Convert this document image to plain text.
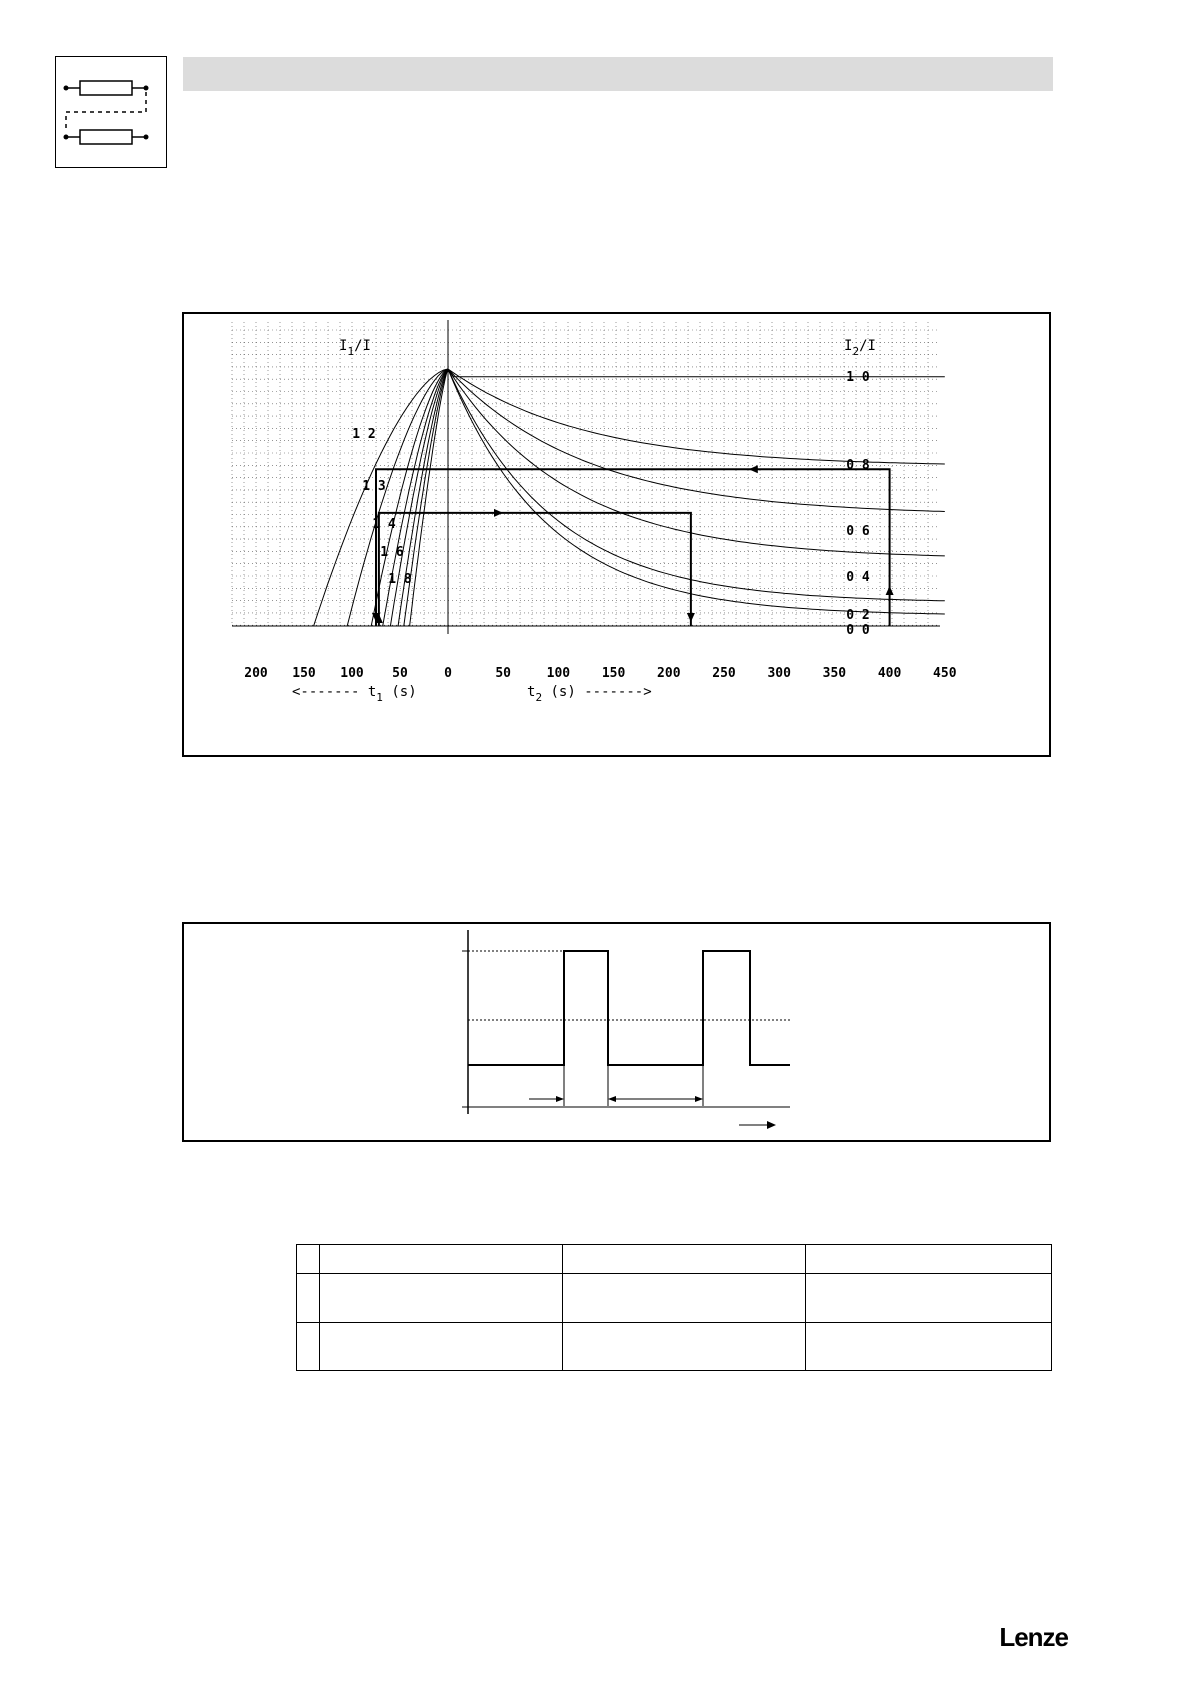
$I_1/I$	$I_2/I$
200 150 100 50	0	50	100 150 200 250 300 350 400 450
<------- $t_1$ (s)	$t_2$ (s) ------->
1 2
1 3
1 4
1 6
1 8
1 0
0 8
0 6
0 4
0 2
0 0

Lenze
